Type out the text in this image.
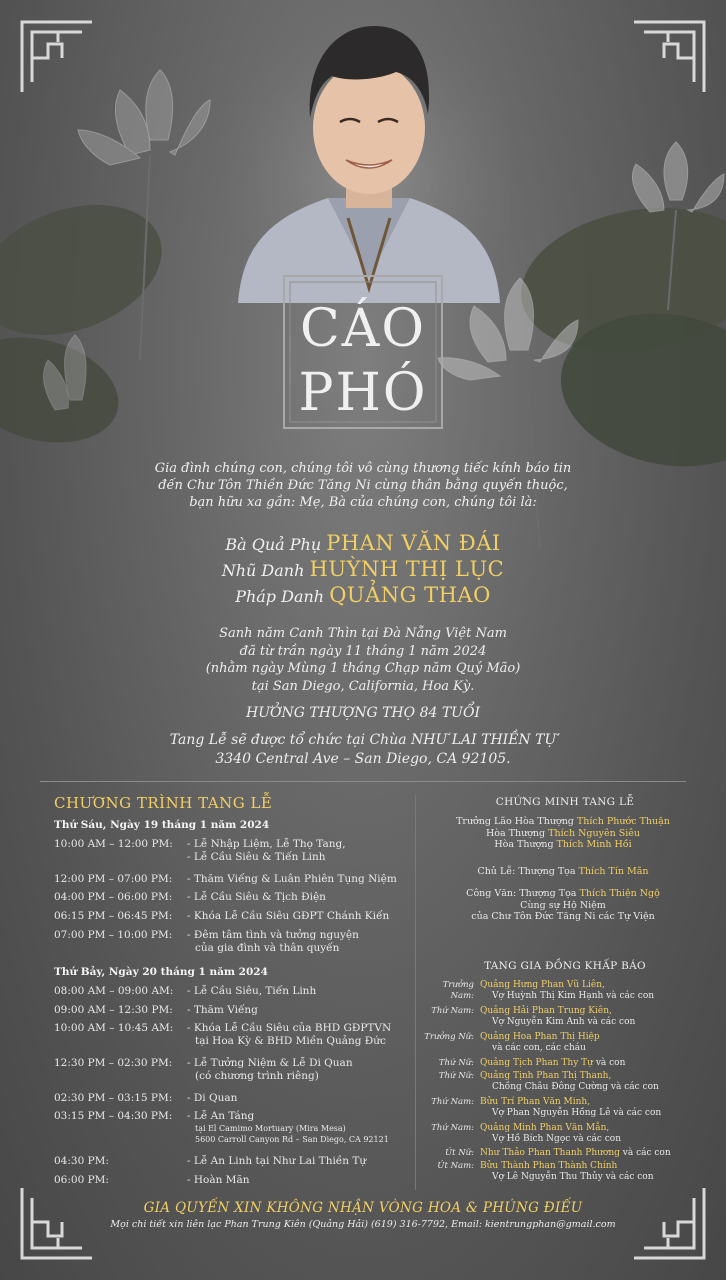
CÁO
PHÓ
Gia đình chúng con, chúng tôi vô cùng thương tiếc kính báo tin
đến Chư Tôn Thiền Đức Tăng Ni cùng thân bằng quyến thuộc,
bạn hữu xa gần: Mẹ, Bà của chúng con, chúng tôi là:
Bà Quả Phụ PHAN VĂN ĐÁI
Nhũ Danh HUỲNH THỊ LỤC
Pháp Danh QUẢNG THAO
Sanh năm Canh Thìn tại Đà Nẵng Việt Nam
đã từ trần ngày 11 tháng 1 năm 2024
(nhằm ngày Mùng 1 tháng Chạp năm Quý Mão)
tại San Diego, California, Hoa Kỳ.
HƯỞNG THƯỢNG THỌ 84 TUỔI
Tang Lễ sẽ được tổ chức tại Chùa NHƯ LAI THIỀN TỰ
3340 Central Ave – San Diego, CA 92105.
CHƯƠNG TRÌNH TANG LỄ
Thứ Sáu, Ngày 19 tháng 1 năm 2024
10:00 AM – 12:00 PM:	- Lễ Nhập Liệm, Lễ Thọ Tang,
- Lễ Cầu Siêu & Tiến Linh
12:00 PM – 07:00 PM:	- Thăm Viếng & Luân Phiên Tụng Niệm
04:00 PM – 06:00 PM:	- Lễ Cầu Siêu & Tịch Điện
06:15 PM – 06:45 PM:	- Khóa Lễ Cầu Siêu GĐPT Chánh Kiến
07:00 PM – 10:00 PM:	- Đêm tâm tình và tưởng nguyện
của gia đình và thân quyến
Thứ Bảy, Ngày 20 tháng 1 năm 2024
08:00 AM – 09:00 AM:	- Lễ Cầu Siêu, Tiến Linh
09:00 AM – 12:30 PM:	- Thăm Viếng
10:00 AM – 10:45 AM:	- Khóa Lễ Cầu Siêu của BHD GĐPTVN
tại Hoa Kỳ & BHD Miền Quảng Đức
12:30 PM – 02:30 PM:	- Lễ Tưởng Niệm & Lễ Di Quan
(có chương trình riêng)
02:30 PM – 03:15 PM:	- Di Quan
03:15 PM – 04:30 PM:	- Lễ An Táng
tại El Camimo Mortuary (Mira Mesa)
5600 Carroll Canyon Rd – San Diego, CA 92121
04:30 PM:	- Lễ An Linh tại Như Lai Thiền Tự
06:00 PM:	- Hoàn Mãn
CHỨNG MINH TANG LỄ
Trưởng Lão Hòa Thượng Thích Phước Thuận
Hòa Thượng Thích Nguyên Siêu
Hòa Thượng Thích Minh Hồi
Chủ Lễ: Thượng Tọa Thích Tín Mãn
Công Văn: Thượng Tọa Thích Thiện Ngộ
Cùng sự Hộ Niệm
của Chư Tôn Đức Tăng Ni các Tự Viện
TANG GIA ĐỒNG KHẤP BÁO
Trưởng Nam:
Quảng Hưng Phan Vũ Liên,
Vợ Huỳnh Thị Kim Hạnh và các con
Thứ Nam: Quảng Hải Phan Trung Kiên,
Vợ Nguyễn Kim Anh và các con
Trưởng Nữ: Quảng Hoa Phan Thị Hiệp
và các con, các cháu
Thứ Nữ: Quảng Tịch Phan Thy Tự và con
Thứ Nữ: Quảng Tịnh Phan Thị Thanh,
Chồng Châu Đông Cường và các con
Thứ Nam: Bửu Trí Phan Văn Minh,
Vợ Phan Nguyễn Hồng Lê và các con
Thứ Nam: Quảng Minh Phan Văn Mẫn,
Vợ Hồ Bích Ngọc và các con
Út Nữ: Như Thảo Phan Thanh Phương và các con
Út Nam: Bửu Thành Phan Thành Chính
Vợ Lê Nguyễn Thu Thủy và các con
GIA QUYẾN XIN KHÔNG NHẬN VÒNG HOA & PHÚNG ĐIẾU
Mọi chi tiết xin liên lạc Phan Trung Kiên (Quảng Hải) (619) 316-7792, Email: kientrungphan@gmail.com
